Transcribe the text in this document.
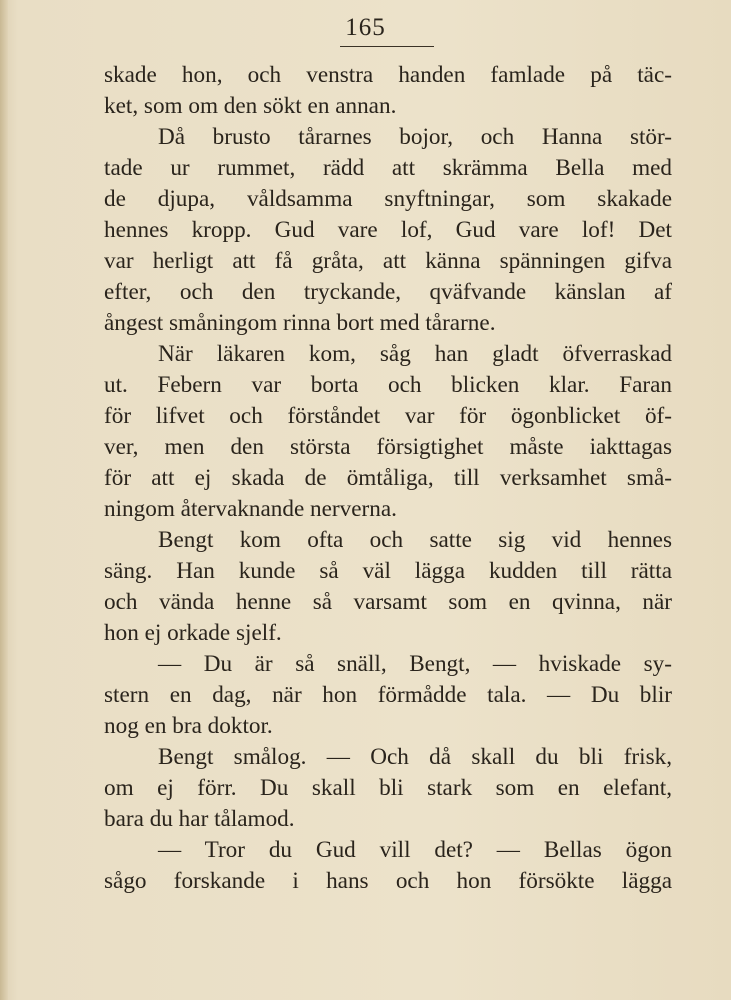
165
skade hon, och venstra handen famlade på täc-
ket, som om den sökt en annan.
Då brusto tårarnes bojor, och Hanna stör-
tade ur rummet, rädd att skrämma Bella med
de djupa, våldsamma snyftningar, som skakade
hennes kropp. Gud vare lof, Gud vare lof! Det
var herligt att få gråta, att känna spänningen gifva
efter, och den tryckande, qväfvande känslan af
ångest småningom rinna bort med tårarne.
När läkaren kom, såg han gladt öfverraskad
ut. Febern var borta och blicken klar. Faran
för lifvet och förståndet var för ögonblicket öf-
ver, men den största försigtighet måste iakttagas
för att ej skada de ömtåliga, till verksamhet små-
ningom återvaknande nerverna.
Bengt kom ofta och satte sig vid hennes
säng. Han kunde så väl lägga kudden till rätta
och vända henne så varsamt som en qvinna, när
hon ej orkade sjelf.
— Du är så snäll, Bengt, — hviskade sy-
stern en dag, när hon förmådde tala. — Du blir
nog en bra doktor.
Bengt smålog. — Och då skall du bli frisk,
om ej förr. Du skall bli stark som en elefant,
bara du har tålamod.
— Tror du Gud vill det? — Bellas ögon
sågo forskande i hans och hon försökte lägga
